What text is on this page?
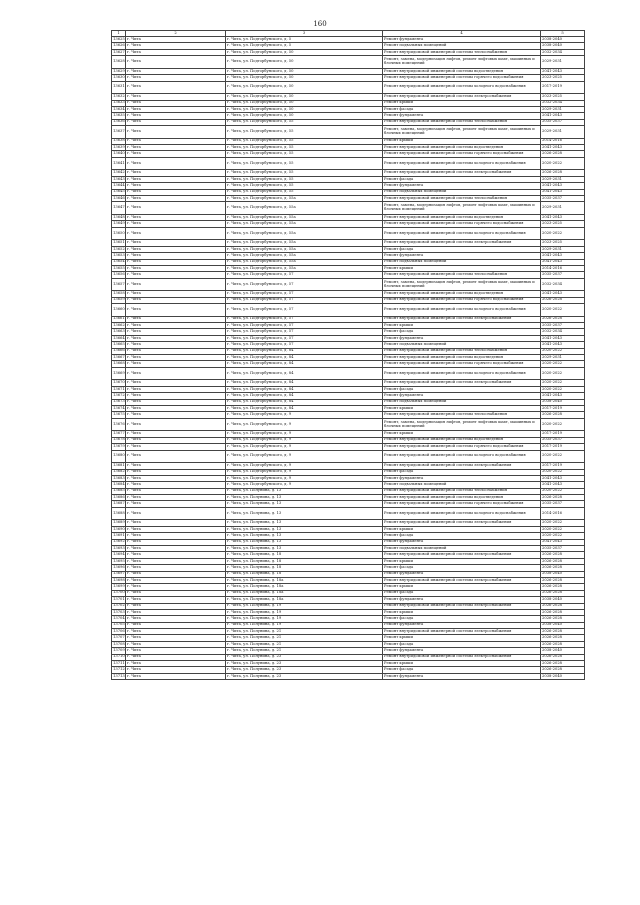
160
1	2	3	4	5
13625	г. Чита	г. Чита, ул. Подгорбунского, д. 5	Ремонт фундамента	2038-2040
13626	г. Чита	г. Чита, ул. Подгорбунского, д. 5	Ремонт подвальных помещений	2038-2040
13627	г. Чита	г. Чита, ул. Подгорбунского, д. 50	Ремонт внутридомовой инженерной системы теплоснабжения	2032-2034
13628	г. Чита	г. Чита, ул. Подгорбунского, д. 50	Ремонт, замена, модернизация лифтов, ремонт лифтовых шахт, машинных и блочных помещений	2029-2031
13629	г. Чита	г. Чита, ул. Подгорбунского, д. 50	Ремонт внутридомовой инженерной системы водоотведения	2041-2043
13630	г. Чита	г. Чита, ул. Подгорбунского, д. 50	Ремонт внутридомовой инженерной системы горячего водоснабжения	2023-2025
13631	г. Чита	г. Чита, ул. Подгорбунского, д. 50	Ремонт внутридомовой инженерной системы холодного водоснабжения	2017-2019
13632	г. Чита	г. Чита, ул. Подгорбунского, д. 50	Ремонт внутридомовой инженерной системы электроснабжения	2023-2025
13633	г. Чита	г. Чита, ул. Подгорбунского, д. 50	Ремонт крыши	2032-2034
13634	г. Чита	г. Чита, ул. Подгорбунского, д. 50	Ремонт фасада	2029-2031
13635	г. Чита	г. Чита, ул. Подгорбунского, д. 50	Ремонт фундамента	2041-2043
13636	г. Чита	г. Чита, ул. Подгорбунского, д. 55	Ремонт внутридомовой инженерной системы теплоснабжения	2035-2037
13637	г. Чита	г. Чита, ул. Подгорбунского, д. 55	Ремонт, замена, модернизация лифтов, ремонт лифтовых шахт, машинных и блочных помещений	2029-2031
13638	г. Чита	г. Чита, ул. Подгорбунского, д. 55	Ремонт крыши	2014-2016
13639	г. Чита	г. Чита, ул. Подгорбунского, д. 55	Ремонт внутридомовой инженерной системы водоотведения	2041-2043
13640	г. Чита	г. Чита, ул. Подгорбунского, д. 55	Ремонт внутридомовой инженерной системы горячего водоснабжения	2026-2028
13641	г. Чита	г. Чита, ул. Подгорбунского, д. 55	Ремонт внутридомовой инженерной системы холодного водоснабжения	2020-2022
13642	г. Чита	г. Чита, ул. Подгорбунского, д. 55	Ремонт внутридомовой инженерной системы электроснабжения	2026-2028
13643	г. Чита	г. Чита, ул. Подгорбунского, д. 55	Ремонт фасада	2029-2031
13644	г. Чита	г. Чита, ул. Подгорбунского, д. 55	Ремонт фундамента	2041-2043
13645	г. Чита	г. Чита, ул. Подгорбунского, д. 55	Ремонт подвальных помещений	2041-2043
13646	г. Чита	г. Чита, ул. Подгорбунского, д. 55а	Ремонт внутридомовой инженерной системы теплоснабжения	2035-2037
13647	г. Чита	г. Чита, ул. Подгорбунского, д. 55а	Ремонт, замена, модернизация лифтов, ремонт лифтовых шахт, машинных и блочных помещений	2029-2031
13648	г. Чита	г. Чита, ул. Подгорбунского, д. 55а	Ремонт внутридомовой инженерной системы водоотведения	2041-2043
13649	г. Чита	г. Чита, ул. Подгорбунского, д. 55а	Ремонт внутридомовой инженерной системы горячего водоснабжения	2023-2025
13650	г. Чита	г. Чита, ул. Подгорбунского, д. 55а	Ремонт внутридомовой инженерной системы холодного водоснабжения	2020-2022
13651	г. Чита	г. Чита, ул. Подгорбунского, д. 55а	Ремонт внутридомовой инженерной системы электроснабжения	2023-2025
13652	г. Чита	г. Чита, ул. Подгорбунского, д. 55а	Ремонт фасада	2029-2031
13653	г. Чита	г. Чита, ул. Подгорбунского, д. 55а	Ремонт фундамента	2041-2043
13654	г. Чита	г. Чита, ул. Подгорбунского, д. 55а	Ремонт подвальных помещений	2041-2043
13655	г. Чита	г. Чита, ул. Подгорбунского, д. 55а	Ремонт крыши	2014-2016
13656	г. Чита	г. Чита, ул. Подгорбунского, д. 57	Ремонт внутридомовой инженерной системы теплоснабжения	2035-2037
13657	г. Чита	г. Чита, ул. Подгорбунского, д. 57	Ремонт, замена, модернизация лифтов, ремонт лифтовых шахт, машинных и блочных помещений	2032-2034
13658	г. Чита	г. Чита, ул. Подгорбунского, д. 57	Ремонт внутридомовой инженерной системы водоотведения	2041-2043
13659	г. Чита	г. Чита, ул. Подгорбунского, д. 57	Ремонт внутридомовой инженерной системы горячего водоснабжения	2026-2028
13660	г. Чита	г. Чита, ул. Подгорбунского, д. 57	Ремонт внутридомовой инженерной системы холодного водоснабжения	2020-2022
13661	г. Чита	г. Чита, ул. Подгорбунского, д. 57	Ремонт внутридомовой инженерной системы электроснабжения	2026-2028
13662	г. Чита	г. Чита, ул. Подгорбунского, д. 57	Ремонт крыши	2035-2037
13663	г. Чита	г. Чита, ул. Подгорбунского, д. 57	Ремонт фасада	2032-2034
13664	г. Чита	г. Чита, ул. Подгорбунского, д. 57	Ремонт фундамента	2041-2043
13665	г. Чита	г. Чита, ул. Подгорбунского, д. 57	Ремонт подвальных помещений	2041-2043
13666	г. Чита	г. Чита, ул. Подгорбунского, д. 84	Ремонт внутридомовой инженерной системы теплоснабжения	2020-2022
13667	г. Чита	г. Чита, ул. Подгорбунского, д. 84	Ремонт внутридомовой инженерной системы водоотведения	2029-2031
13668	г. Чита	г. Чита, ул. Подгорбунского, д. 84	Ремонт внутридомовой инженерной системы горячего водоснабжения	2020-2022
13669	г. Чита	г. Чита, ул. Подгорбунского, д. 84	Ремонт внутридомовой инженерной системы холодного водоснабжения	2020-2022
13670	г. Чита	г. Чита, ул. Подгорбунского, д. 84	Ремонт внутридомовой инженерной системы электроснабжения	2020-2022
13671	г. Чита	г. Чита, ул. Подгорбунского, д. 84	Ремонт фасада	2020-2022
13672	г. Чита	г. Чита, ул. Подгорбунского, д. 84	Ремонт фундамента	2041-2043
13673	г. Чита	г. Чита, ул. Подгорбунского, д. 84	Ремонт подвальных помещений	2038-2040
13674	г. Чита	г. Чита, ул. Подгорбунского, д. 84	Ремонт крыши	2017-2019
13675	г. Чита	г. Чита, ул. Подгорбунского, д. 9	Ремонт внутридомовой инженерной системы теплоснабжения	2026-2028
13676	г. Чита	г. Чита, ул. Подгорбунского, д. 9	Ремонт, замена, модернизация лифтов, ремонт лифтовых шахт, машинных и блочных помещений	2020-2022
13677	г. Чита	г. Чита, ул. Подгорбунского, д. 9	Ремонт крыши	2017-2019
13678	г. Чита	г. Чита, ул. Подгорбунского, д. 9	Ремонт внутридомовой инженерной системы водоотведения	2035-2037
13679	г. Чита	г. Чита, ул. Подгорбунского, д. 9	Ремонт внутридомовой инженерной системы горячего водоснабжения	2017-2019
13680	г. Чита	г. Чита, ул. Подгорбунского, д. 9	Ремонт внутридомовой инженерной системы холодного водоснабжения	2020-2022
13681	г. Чита	г. Чита, ул. Подгорбунского, д. 9	Ремонт внутридомовой инженерной системы электроснабжения	2017-2019
13682	г. Чита	г. Чита, ул. Подгорбунского, д. 9	Ремонт фасада	2020-2022
13683	г. Чита	г. Чита, ул. Подгорбунского, д. 9	Ремонт фундамента	2041-2043
13684	г. Чита	г. Чита, ул. Подгорбунского, д. 9	Ремонт подвальных помещений	2041-2043
13685	г. Чита	г. Чита, ул. Полунина, д. 13	Ремонт внутридомовой инженерной системы теплоснабжения	2020-2022
13686	г. Чита	г. Чита, ул. Полунина, д. 13	Ремонт внутридомовой инженерной системы водоотведения	2026-2028
13687	г. Чита	г. Чита, ул. Полунина, д. 13	Ремонт внутридомовой инженерной системы горячего водоснабжения	2035-2037
13688	г. Чита	г. Чита, ул. Полунина, д. 13	Ремонт внутридомовой инженерной системы холодного водоснабжения	2014-2016
13689	г. Чита	г. Чита, ул. Полунина, д. 13	Ремонт внутридомовой инженерной системы электроснабжения	2020-2022
13690	г. Чита	г. Чита, ул. Полунина, д. 13	Ремонт крыши	2020-2022
13691	г. Чита	г. Чита, ул. Полунина, д. 13	Ремонт фасада	2020-2022
13692	г. Чита	г. Чита, ул. Полунина, д. 13	Ремонт фундамента	2041-2043
13693	г. Чита	г. Чита, ул. Полунина, д. 13	Ремонт подвальных помещений	2035-2037
13694	г. Чита	г. Чита, ул. Полунина, д. 18	Ремонт внутридомовой инженерной системы электроснабжения	2026-2028
13695	г. Чита	г. Чита, ул. Полунина, д. 18	Ремонт крыши	2026-2028
13696	г. Чита	г. Чита, ул. Полунина, д. 18	Ремонт фасада	2026-2028
13697	г. Чита	г. Чита, ул. Полунина, д. 18	Ремонт фундамента	2038-2040
13698	г. Чита	г. Чита, ул. Полунина, д. 18а	Ремонт внутридомовой инженерной системы электроснабжения	2026-2028
13699	г. Чита	г. Чита, ул. Полунина, д. 18а	Ремонт крыши	2026-2028
13700	г. Чита	г. Чита, ул. Полунина, д. 18а	Ремонт фасада	2026-2028
13701	г. Чита	г. Чита, ул. Полунина, д. 18а	Ремонт фундамента	2038-2040
13702	г. Чита	г. Чита, ул. Полунина, д. 19	Ремонт внутридомовой инженерной системы электроснабжения	2026-2028
13703	г. Чита	г. Чита, ул. Полунина, д. 19	Ремонт крыши	2026-2028
13704	г. Чита	г. Чита, ул. Полунина, д. 19	Ремонт фасада	2026-2028
13705	г. Чита	г. Чита, ул. Полунина, д. 19	Ремонт фундамента	2038-2040
13706	г. Чита	г. Чита, ул. Полунина, д. 21	Ремонт внутридомовой инженерной системы электроснабжения	2026-2028
13707	г. Чита	г. Чита, ул. Полунина, д. 21	Ремонт крыши	2026-2028
13708	г. Чита	г. Чита, ул. Полунина, д. 21	Ремонт фасада	2026-2028
13709	г. Чита	г. Чита, ул. Полунина, д. 21	Ремонт фундамента	2038-2040
13710	г. Чита	г. Чита, ул. Полунина, д. 23	Ремонт внутридомовой инженерной системы электроснабжения	2026-2028
13711	г. Чита	г. Чита, ул. Полунина, д. 23	Ремонт крыши	2026-2028
13712	г. Чита	г. Чита, ул. Полунина, д. 23	Ремонт фасада	2026-2028
13713	г. Чита	г. Чита, ул. Полунина, д. 23	Ремонт фундамента	2038-2040
